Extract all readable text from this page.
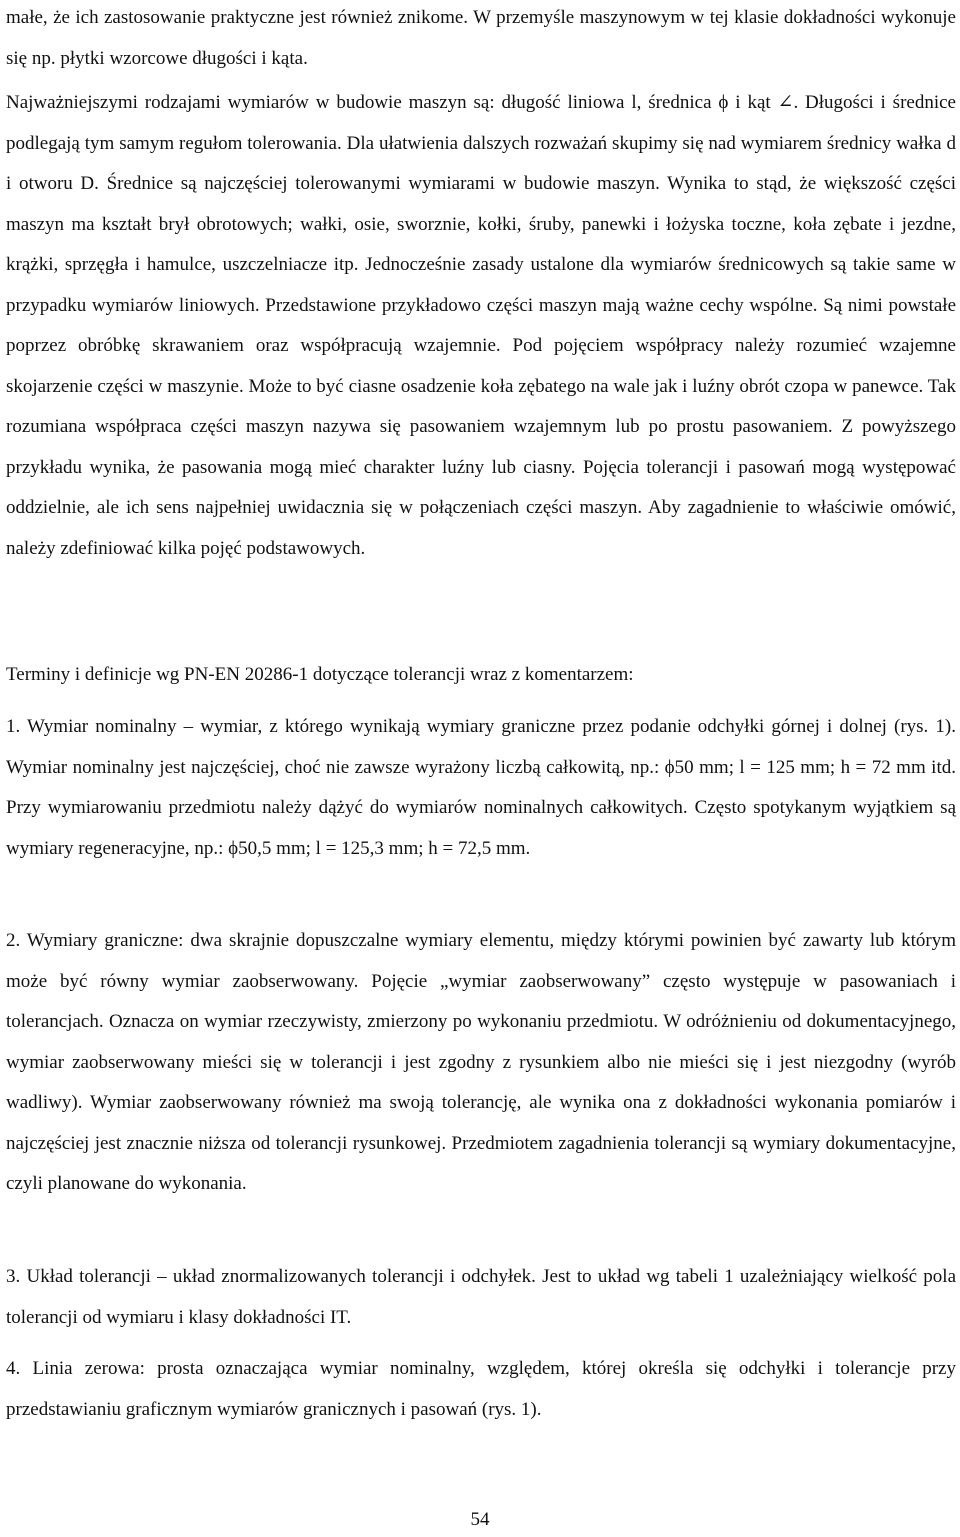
małe, że ich zastosowanie praktyczne jest również znikome. W przemyśle maszynowym w tej klasie dokładności wykonuje się np. płytki wzorcowe długości i kąta.

Najważniejszymi rodzajami wymiarów w budowie maszyn są: długość liniowa l, średnica ϕ i kąt ∠. Długości i średnice podlegają tym samym regułom tolerowania. Dla ułatwienia dalszych rozważań skupimy się nad wymiarem średnicy wałka d i otworu D. Średnice są najczęściej tolerowanymi wymiarami w budowie maszyn. Wynika to stąd, że większość części maszyn ma kształt brył obrotowych; wałki, osie, sworznie, kołki, śruby, panewki i łożyska toczne, koła zębate i jezdne, krążki, sprzęgła i hamulce, uszczelniacze itp. Jednocześnie zasady ustalone dla wymiarów średnicowych są takie same w przypadku wymiarów liniowych. Przedstawione przykładowo części maszyn mają ważne cechy wspólne. Są nimi powstałe poprzez obróbkę skrawaniem oraz współpracują wzajemnie. Pod pojęciem współpracy należy rozumieć wzajemne skojarzenie części w maszynie. Może to być ciasne osadzenie koła zębatego na wale jak i luźny obrót czopa w panewce. Tak rozumiana współpraca części maszyn nazywa się pasowaniem wzajemnym lub po prostu pasowaniem. Z powyższego przykładu wynika, że pasowania mogą mieć charakter luźny lub ciasny. Pojęcia tolerancji i pasowań mogą występować oddzielnie, ale ich sens najpełniej uwidacznia się w połączeniach części maszyn. Aby zagadnienie to właściwie omówić, należy zdefiniować kilka pojęć podstawowych.

Terminy i definicje wg PN-EN 20286-1 dotyczące tolerancji wraz z komentarzem:

1. Wymiar nominalny – wymiar, z którego wynikają wymiary graniczne przez podanie odchyłki górnej i dolnej (rys. 1). Wymiar nominalny jest najczęściej, choć nie zawsze wyrażony liczbą całkowitą, np.: ϕ50 mm; l = 125 mm; h = 72 mm itd. Przy wymiarowaniu przedmiotu należy dążyć do wymiarów nominalnych całkowitych. Często spotykanym wyjątkiem są wymiary regeneracyjne, np.: ϕ50,5 mm; l = 125,3 mm; h = 72,5 mm.

2. Wymiary graniczne: dwa skrajnie dopuszczalne wymiary elementu, między którymi powinien być zawarty lub którym może być równy wymiar zaobserwowany. Pojęcie „wymiar zaobserwowany” często występuje w pasowaniach i tolerancjach. Oznacza on wymiar rzeczywisty, zmierzony po wykonaniu przedmiotu. W odróżnieniu od dokumentacyjnego, wymiar zaobserwowany mieści się w tolerancji i jest zgodny z rysunkiem albo nie mieści się i jest niezgodny (wyrób wadliwy). Wymiar zaobserwowany również ma swoją tolerancję, ale wynika ona z dokładności wykonania pomiarów i najczęściej jest znacznie niższa od tolerancji rysunkowej. Przedmiotem zagadnienia tolerancji są wymiary dokumentacyjne, czyli planowane do wykonania.

3. Układ tolerancji – układ znormalizowanych tolerancji i odchyłek. Jest to układ wg tabeli 1 uzależniający wielkość pola tolerancji od wymiaru i klasy dokładności IT.

4. Linia zerowa: prosta oznaczająca wymiar nominalny, względem, której określa się odchyłki i tolerancje przy przedstawianiu graficznym wymiarów granicznych i pasowań (rys. 1).

54
